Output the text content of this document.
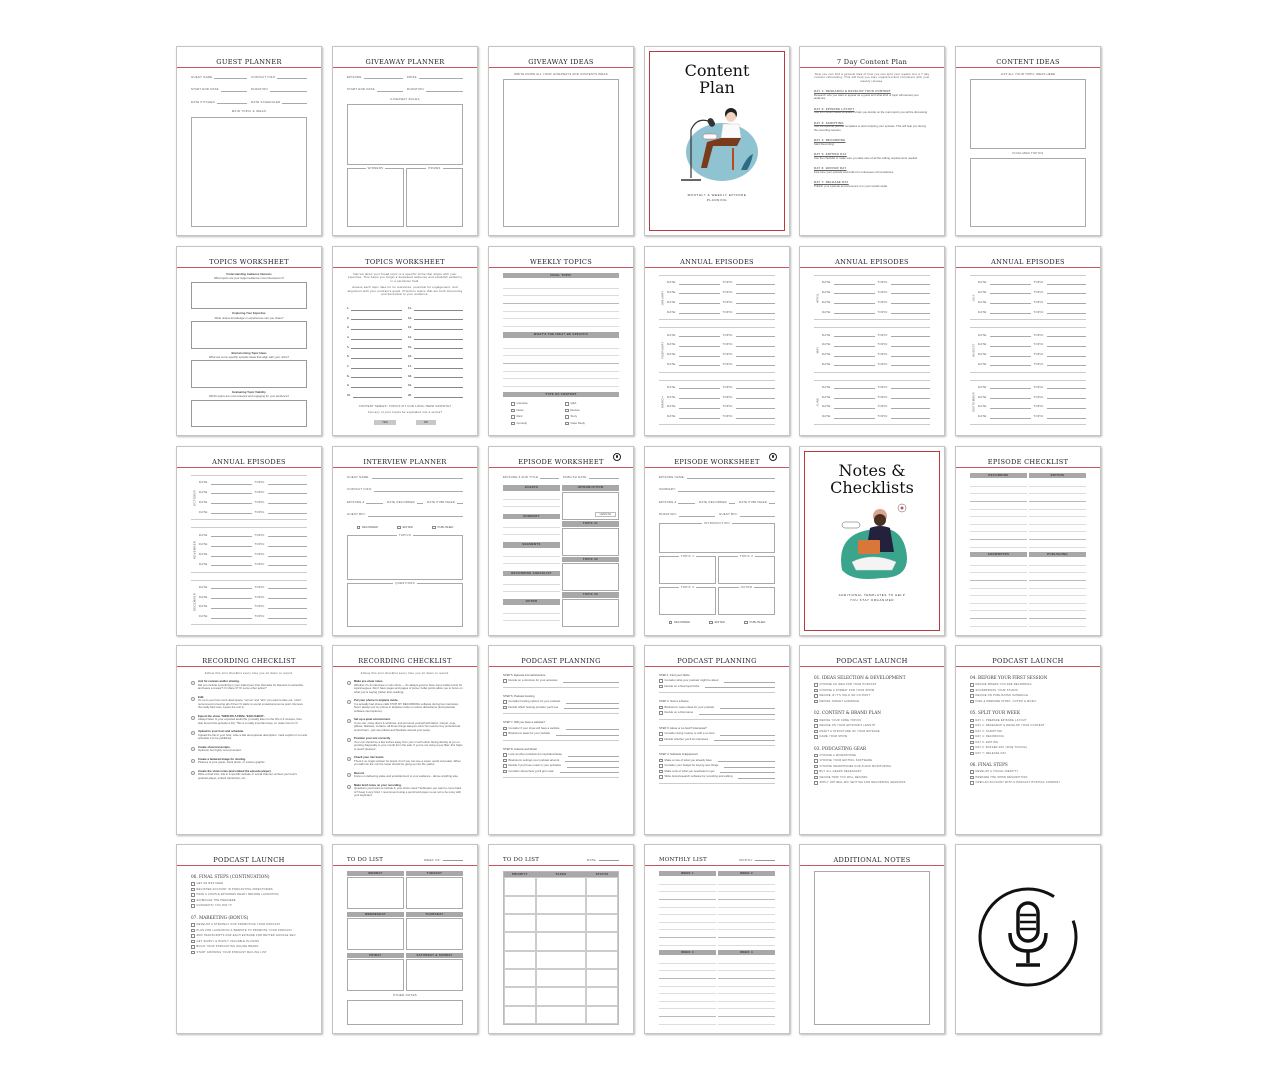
GUEST PLANNER
GUEST NAME	CONTACT INFO
START END DATE	DURATION
DATE PITCHED	DATE SCHEDULED
MAIN TOPIC & IDEAS
GIVEAWAY PLANNER
EPISODE	PRIZE
START END DATE	DURATION
GIVEAWAY RULES
WINNERS	PRIZES
GIVEAWAY IDEAS
WRITE DOWN ALL YOUR GIVEAWAYS AND CONTESTS IDEAS	Content
Plan
MONTHLY & WEEKLY EPISODE PLANNING
7 Day Content Plan
Now you can find a general idea of how you can split your weeks into a 7 day content scheduling. This will help you stay organized and consistent with your weekly release.
DAY 1: RESEARCH & DEVELOP YOUR CONTENT
Research who you want to appear as a guest and what kind of topic will interest your audience
DAY 2: EPISODE LAYOUT
Use the content ideas template to help you decide on the main topics you will be discussing
DAY 3: SCRIPTING
Use the episode planner templates to start scripting your episode. This will help you during the recording session.
DAY 4: RECORDING
Start Recording!
DAY 5: EDITING DAY
Use the checklist to make sure you take care of all the editing requirements needed
DAY 6: BUFFER DAY
Fine tune your episode and buffer for unforeseen circumstances
DAY 7: RELEASE DAY
Publish your episode and announce it on your social media
CONTENT IDEAS
LIST ALL YOUR TOPIC IDEAS HERE
FINALIZED TOPICS
TOPICS WORKSHEET
Understanding Audience Interests
What topics are your target audience most interested in?
Exploring Your Expertise
What unique knowledge or experiences can you share?
Brainstorming Topic Ideas
What are some specific episode ideas that align with your niche?
Evaluating Topic Viability
Which topics are most relevant and engaging for your audience?
TOPICS WORKSHEET
Narrow down your broad topic to a specific niche that aligns with your expertise. This helps you target a dedicated audience and establish authority in a particular field.
Assess each topic idea for its relevance, potential for engagement, and alignment with your podcast's goals. Prioritize topics that are both interesting and beneficial to your audience.
1.
2.
3.
4.
5.
6.
7.
8.
9.
10.
11.
12.
13.
14.
15.
16.
17.
18.
19.
20.
CONTENT SERIES: TOPICS FIT FOR LONG-TERM GROWTH?
Can any of your topics be expanded into a series?
YES	NO
WEEKLY TOPICS
FINAL TOPIC
WHAT'S THE IDEA? BE SPECIFIC
TYPE OF CONTENT
Interview	Q&A
News	Review
Rant	Story
Comedy	Case Study
ANNUAL EPISODES
JANUARY
DATE:	TOPIC:
DATE:	TOPIC:
DATE:	TOPIC:
DATE:	TOPIC:
FEBRUARY
DATE:	TOPIC:
DATE:	TOPIC:
DATE:	TOPIC:
DATE:	TOPIC:
MARCH
DATE:	TOPIC:
DATE:	TOPIC:
DATE:	TOPIC:
DATE:	TOPIC:
ANNUAL EPISODES
APRIL
DATE:	TOPIC:
DATE:	TOPIC:
DATE:	TOPIC:
DATE:	TOPIC:
MAY
DATE:	TOPIC:
DATE:	TOPIC:
DATE:	TOPIC:
DATE:	TOPIC:
JUNE
DATE:	TOPIC:
DATE:	TOPIC:
DATE:	TOPIC:
DATE:	TOPIC:
ANNUAL EPISODES
JULY
DATE:	TOPIC:
DATE:	TOPIC:
DATE:	TOPIC:
DATE:	TOPIC:
AUGUST
DATE:	TOPIC:
DATE:	TOPIC:
DATE:	TOPIC:
DATE:	TOPIC:
SEPTEMBER
DATE:	TOPIC:
DATE:	TOPIC:
DATE:	TOPIC:
DATE:	TOPIC:
ANNUAL EPISODES
OCTOBER
DATE:	TOPIC:
DATE:	TOPIC:
DATE:	TOPIC:
DATE:	TOPIC:
NOVEMBER
DATE:	TOPIC:
DATE:	TOPIC:
DATE:	TOPIC:
DATE:	TOPIC:
DECEMBER
DATE:	TOPIC:
DATE:	TOPIC:
DATE:	TOPIC:
DATE:	TOPIC:
INTERVIEW PLANNER
GUEST NAME:
CONTACT INFO:
EPISODE #	DATE RECORDED	DATE PUBLISHED
GUEST BIO:
RECORDED	EDITED	PUBLISHED
TOPICS
QUESTIONS
EPISODE WORKSHEET
EPISODE # AND TITLE	PUBLISH DATE
GUESTS
SUMMARY
SEGMENTS
RECORDING CHECKLIST
OUTRO
INTRODUCTION
LENGTH
TOPIC 01
TOPIC 02
TOPIC 03
EPISODE WORKSHEET
EPISODE NAME:
SUMMARY:
EPISODE #	DATE RECORDED	DATE PUBLISHED
DURATION:	GUEST BIO:
INTRODUCTION
TOPIC 1	TOPIC 2
TOPIC 3	OUTRO
RECORDED	EDITED	PUBLISHED
Notes &
Checklists
ADDITIONAL TEMPLATES TO HELP YOU STAY ORGANIZED
EPISODE CHECKLIST
RECORDING	EDITING
SHOWNOTES	PUBLISHING
RECORDING CHECKLIST
Follow this mini checklist every time you sit down to record.
Ask for reviews and/or sharing.
Did you include something in your trailer/your intro that asks for listeners to subscribe and leave a review? Or share it? Or some other action?
Edit.
It's up to you how much dead space, "umms" and "ahs" you want to take out. I don't recommend removing all of them! It starts to sound unnatural at some point. Remove the really bad ones. Leave the rest in.
Export the show. THEN DO A FINAL 'EAR CHECK'.
Always listen to your exported audio file (I usually listen to the first 2-3 minutes, then skip around the episode a bit). This is a really important step, so make time for it!
Upload to your host and schedule.
Upload the file to your host, write a title and episode description, mark explicit or not and schedule it to be published.
Create show transcripts.
Optional, but highly recommended.
Create a featured image for sharing.
Pictures of your guest, stock photo, or custom graphic.
Create the show notes (and embed the episode player).
Write a brief intro, link to a specific website or social channel, embed your host's podcast player, embed transcripts, etc.
RECORDING CHECKLIST
Follow this mini checklist every time you sit down to record.
Make pre-show notes.
Whether it's an interview or solo show — it's always good to have some bullet points for topics/segues. Don't have pages and pages of prose; bullet points allow you to focus on what you're saying (rather than reading).
Put your phone in airplane mode.
I've actually had phone calls STOP MY RECORDING software during live interviews. Now I always put my phone in airplane mode to reduce distractions (and potential software interruptions).
Set up a quiet environment.
If you can, close doors & windows, and surround yourself with fabric. Carpet, rugs, pillows, blankets, curtains: all those things dampen echo! No need to buy professional sound foam - just use pillows and blankets around your setup.
Position your mic correctly.
Your mic should be a few inches away from your mouth either facing directly at you or pointing diagonally to your mouth from the side. If you're not using a pop filter, this helps to avoid 'plosives'.
Check your mic levels.
There's no magic answer for levels, but if you can see a meter, avoid red peaks. When you talk into the mic the meter should be going up into the yellow.
Record.
Focus on delivering value and entertainment to your audience - above anything else.
Make brief notes on your recording.
Questions you'll want to include in your show notes? Subtopics you want to come back to? Keep it very brief. I recommend using a pencil and paper so as not to be noisy with your keyboard.
PODCAST PLANNING
STEP 5: Episode Format/structure
Decide on a structure for your episodes
STEP 6: Podcast Hosting
Consider hosting options for your podcast
Decide which hosting provider you'll use
STEP 7: Will you have a website?
Consider if your show will have a website
Brainstorm ideas for your website
STEP 8: Artwork and Music
Look at other podcasts for inspiration/ideas
Brainstorm settings your podcast artwork
Decide if you'll use music in your episodes
Consider where/how you'll get music
PODCAST PLANNING
STEP 1: Find your Niche
Consider what your podcast might be about
Decide on a final topic/niche
STEP 2: Give it a Name
Brainstorm name ideas for your podcast
Decide on a final name
STEP 3: Alone or co-host? Interviews?
Consider doing it alone or with a co-host
Decide whether you'll do interviews
STEP 4: Software & Equipment
Make a note of what you already have
Consider your budget for buying new things
Make a list of what you need/want to get
Write down/research software for recording and editing
PODCAST LAUNCH
01. IDEAS SELECTION & DEVELOPMENT
CHOOSE AN IDEA FOR YOUR PODCAST
CHOOSE A FORMAT FOR YOUR SHOW
DECIDE IF IT'S SOLO OR CO-HOST
DEFINE TARGET AUDIENCE
02. CONTENT & BRAND PLAN
DEFINE YOUR CORE TOPICS
DECIDE ON YOUR EPISODE'S LENGTH
DRAFT A STRUCTURE OF YOUR EPISODE
NAME YOUR SHOW
03. PODCASTING GEAR
CHOOSE A MICROPHONE
CHOOSE YOUR EDITING SOFTWARE
CHOOSE HEADPHONES FOR AUDIO MONITORING
BUY ALL GEARS NECESSARY
DECIDE HOW YOU WILL RECORD
APPLY OPTIMAL MIC SETTING FOR RECORDING SESSIONS
PODCAST LAUNCH
04. BEFORE YOUR FIRST SESSION
DECIDE WHERE YOU ARE RECORDING
SOUNDPROOF YOUR STUDIO
DECIDE ON PUBLISHING SCHEDULE
FIND & PREPARE INTRO, OUTRO & MUSIC
05. SPLIT YOUR WEEK
DAY 1: PREPARE EPISODE LAYOUT
DAY 2: RESEARCH & DEVELOP YOUR CONTENT
DAY 3: SCRIPTING
DAY 4: RECORDING
DAY 5: EDITING
DAY 6: BUFFER DAY (FINE TUNING)
DAY 7: RELEASE DAY
06. FINAL STEPS
DEVELOP A VISUAL IDENTITY
PREPARE THE SHOW DESCRIPTION
OPEN AN ACCOUNT WITH A PODCAST HOSTING COMPANY
PODCAST LAUNCH
06. FINAL STEPS (CONTINUATION)
GET AN RSS FEED
REGISTER ACCOUNT IN PODCASTING DIRECTORIES
HAVE A COUPLE EPISODES READY BEFORE LAUNCHING
SCHEDULE THE PREMIERE
CONGRATS! YOU DID IT!
07. MARKETING (BONUS)
DEVELOP A STRATEGY FOR PROMOTING YOUR PODCAST
PLAN FOR LAUNCHING A WEBSITE TO PROMOTE YOUR PODCAST
ADD TRANSCRIPTS FOR EACH EPISODE FOR BETTER GOOGLE SEO
GET SIMPLY & HIGHLY VALUABLE PLUGINS
BUILD YOUR PODCASTING ONLINE BRAND
START GROWING YOUR PODCAST MAILING LIST
TO DO LIST	WEEK OF:
MONDAY	TUESDAY
WEDNESDAY	THURSDAY
FRIDAY	SATURDAY & SUNDAY
OTHER NOTES
TO DO LIST	DATE:
PRIORITY	TASKS	STATUS
MONTHLY LIST	MONTH:
WEEK 1	WEEK 2
WEEK 3	WEEK 4
ADDITIONAL NOTES
